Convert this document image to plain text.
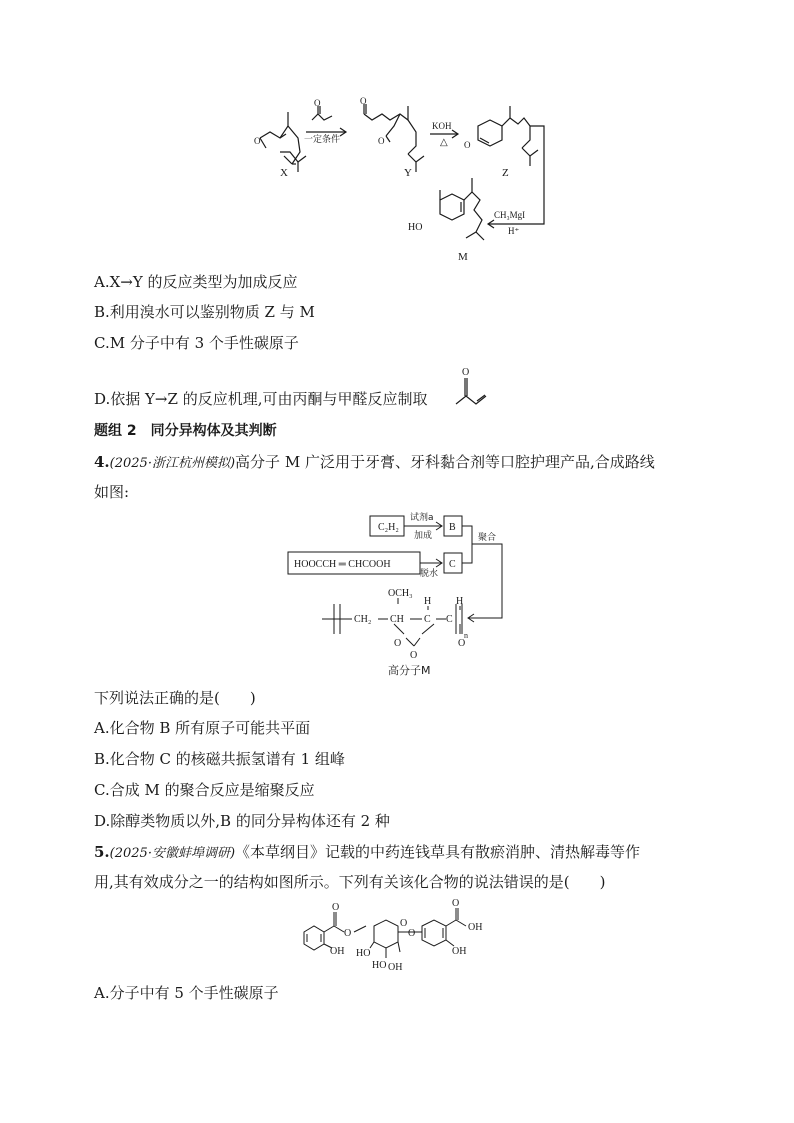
一定条件
KOH
△
CH₃MgI
H⁺
X	Y	Z
M
HO
O
O	O
O
O
A.X→Y 的反应类型为加成反应
B.利用溴水可以鉴别物质 Z 与 M
C.M 分子中有 3 个手性碳原子
D.依据 Y→Z 的反应机理,可由丙酮与甲醛反应制取
O
题组 2　同分异构体及其判断
4.(2025·浙江杭州模拟)高分子 M 广泛用于牙膏、牙科黏合剂等口腔护理产品,合成路线
如图:
C₂H₂
试剂a
加成
B
HOOCCH ═ CHCOOH
脱水
C
聚合
CH₂ CH
OCH₃
H H
C C
O
O
O
n
高分子M
下列说法正确的是(　　)
A.化合物 B 所有原子可能共平面
B.化合物 C 的核磁共振氢谱有 1 组峰
C.合成 M 的聚合反应是缩聚反应
D.除醇类物质以外,B 的同分异构体还有 2 种
5.(2025·安徽蚌埠调研)《本草纲目》记载的中药连钱草具有散瘀消肿、清热解毒等作
用,其有效成分之一的结构如图所示。下列有关该化合物的说法错误的是(　　)
O
O
O
O
OH HO
HO OH
O
OH
OH
A.分子中有 5 个手性碳原子
